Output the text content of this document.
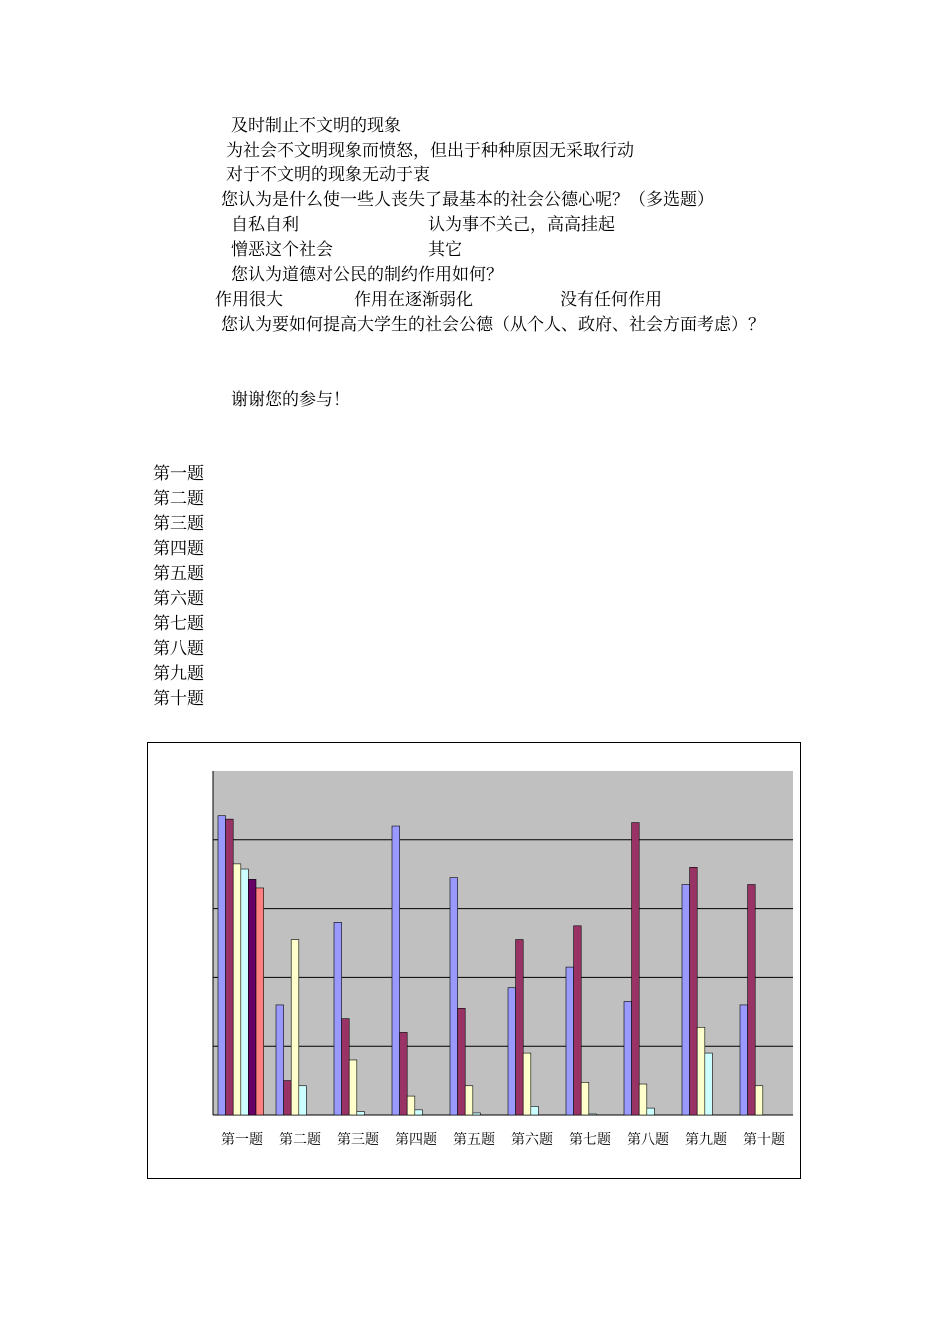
及时制止不文明的现象
为社会不文明现象而愤怒，但出于种种原因无采取行动
对于不文明的现象无动于衷
您认为是什么使一些人丧失了最基本的社会公德心呢？（多选题）
自私自利	认为事不关己，高高挂起
憎恶这个社会	其它
您认为道德对公民的制约作用如何？
作用很大	作用在逐渐弱化	没有任何作用
您认为要如何提高大学生的社会公德（从个人、政府、社会方面考虑）？
谢谢您的参与！
第一题
第二题
第三题
第四题
第五题
第六题
第七题
第八题
第九题
第十题
第一题 第二题 第三题 第四题 第五题 第六题 第七题 第八题 第九题 第十题
